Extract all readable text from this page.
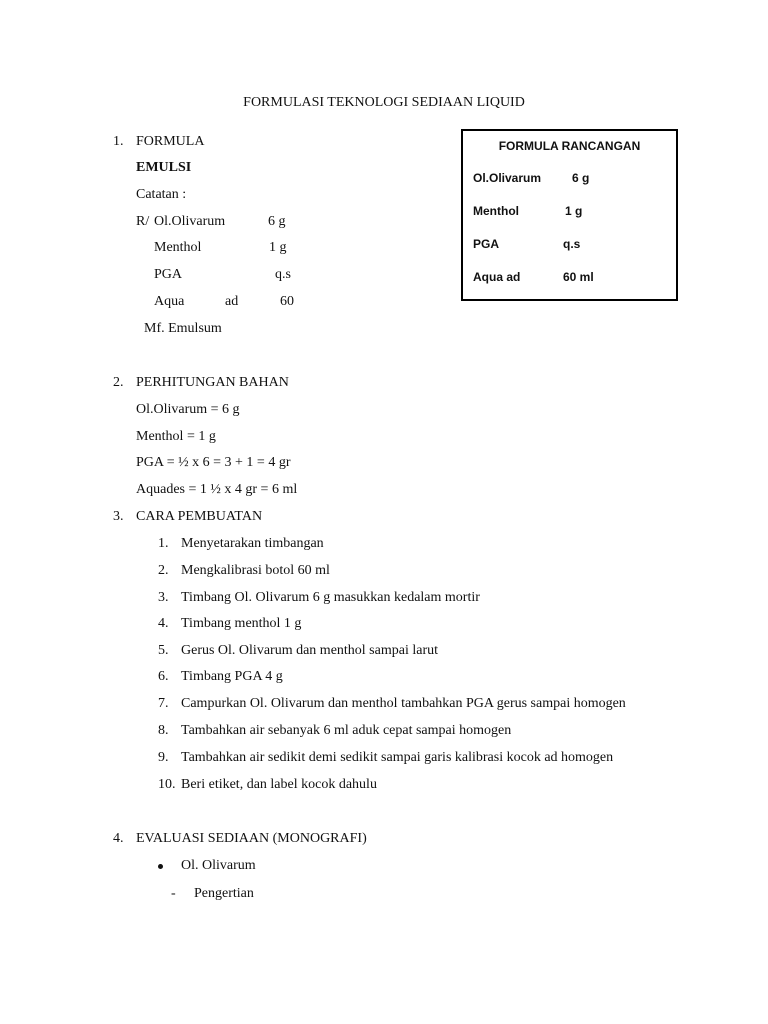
FORMULASI TEKNOLOGI SEDIAAN LIQUID
1. FORMULA
EMULSI
Catatan :
R/ Ol.Olivarum	6 g
Menthol	1 g
PGA	q.s
Aqua	ad	60
Mf. Emulsum
FORMULA RANCANGAN
Ol.Olivarum	6 g
Menthol	1 g
PGA	q.s
Aqua ad	60 ml
2. PERHITUNGAN BAHAN
Ol.Olivarum = 6 g
Menthol = 1 g
PGA = ½ x 6 = 3 + 1 = 4 gr
Aquades = 1 ½ x 4 gr = 6 ml
3. CARA PEMBUATAN
1. Menyetarakan timbangan
2. Mengkalibrasi botol 60 ml
3. Timbang Ol. Olivarum 6 g masukkan kedalam mortir
4. Timbang menthol 1 g
5. Gerus Ol. Olivarum dan menthol sampai larut
6. Timbang PGA 4 g
7. Campurkan Ol. Olivarum dan menthol tambahkan PGA gerus sampai homogen
8. Tambahkan air sebanyak 6 ml aduk cepat sampai homogen
9. Tambahkan air sedikit demi sedikit sampai garis kalibrasi kocok ad homogen
10. Beri etiket, dan label kocok dahulu
4. EVALUASI SEDIAAN (MONOGRAFI)
Ol. Olivarum
- Pengertian
